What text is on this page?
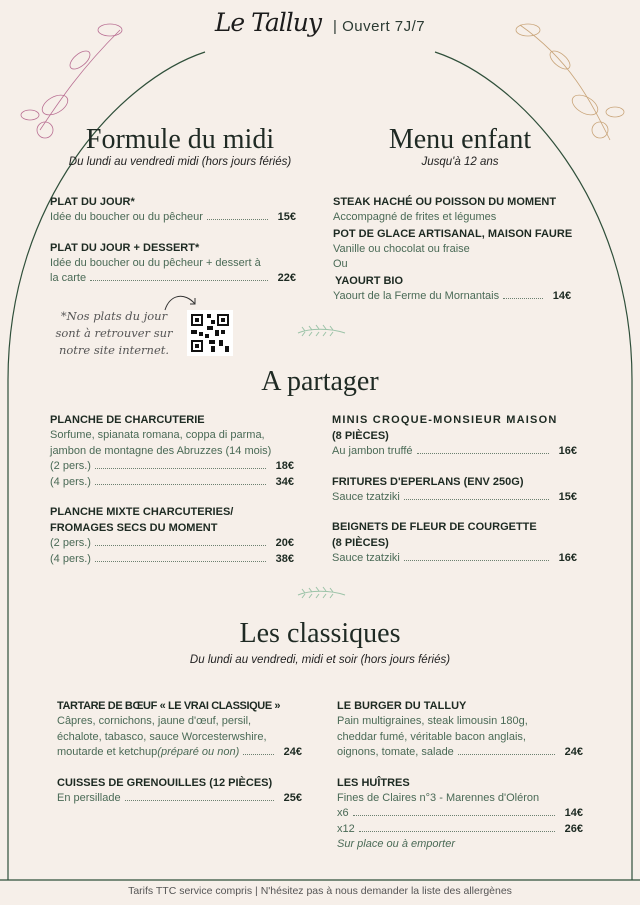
Le Talluy | Ouvert 7J/7
Formule du midi
Du lundi au vendredi midi (hors jours fériés)
PLAT DU JOUR*
Idée du boucher ou du pêcheur	15€
PLAT DU JOUR + DESSERT*
Idée du boucher ou du pêcheur + dessert à
la carte	22€
*Nos plats du jour
sont à retrouver sur
notre site internet.
Menu enfant
Jusqu'à 12 ans
STEAK HACHÉ OU POISSON DU MOMENT
Accompagné de frites et légumes
POT DE GLACE ARTISANAL, MAISON FAURE
Vanille ou chocolat ou fraise
Ou
YAOURT BIO
Yaourt de la Ferme du Mornantais	14€
A partager
PLANCHE DE CHARCUTERIE
Sorfume, spianata romana, coppa di parma,
jambon de montagne des Abruzzes (14 mois)
(2 pers.)	18€
(4 pers.)	34€
PLANCHE MIXTE CHARCUTERIES/
FROMAGES SECS DU MOMENT
(2 pers.)	20€
(4 pers.)	38€
MINIS CROQUE-MONSIEUR MAISON
(8 PIÈCES)
Au jambon truffé	16€
FRITURES D'EPERLANS (ENV 250G)
Sauce tzatziki	15€
BEIGNETS DE FLEUR DE COURGETTE
(8 PIÈCES)
Sauce tzatziki	16€
Les classiques
Du lundi au vendredi, midi et soir (hors jours fériés)
TARTARE DE BŒUF « LE VRAI CLASSIQUE »
Câpres, cornichons, jaune d'œuf, persil,
échalote, tabasco, sauce Worcesterwshire,
moutarde et ketchup (préparé ou non)	24€
CUISSES DE GRENOUILLES (12 PIÈCES)
En persillade	25€
LE BURGER DU TALLUY
Pain multigraines, steak limousin 180g,
cheddar fumé, véritable bacon anglais,
oignons, tomate, salade	24€
LES HUÎTRES
Fines de Claires n°3 - Marennes d'Oléron
x6	14€
x12	26€
Sur place ou à emporter
Tarifs TTC service compris | N'hésitez pas à nous demander la liste des allergènes
